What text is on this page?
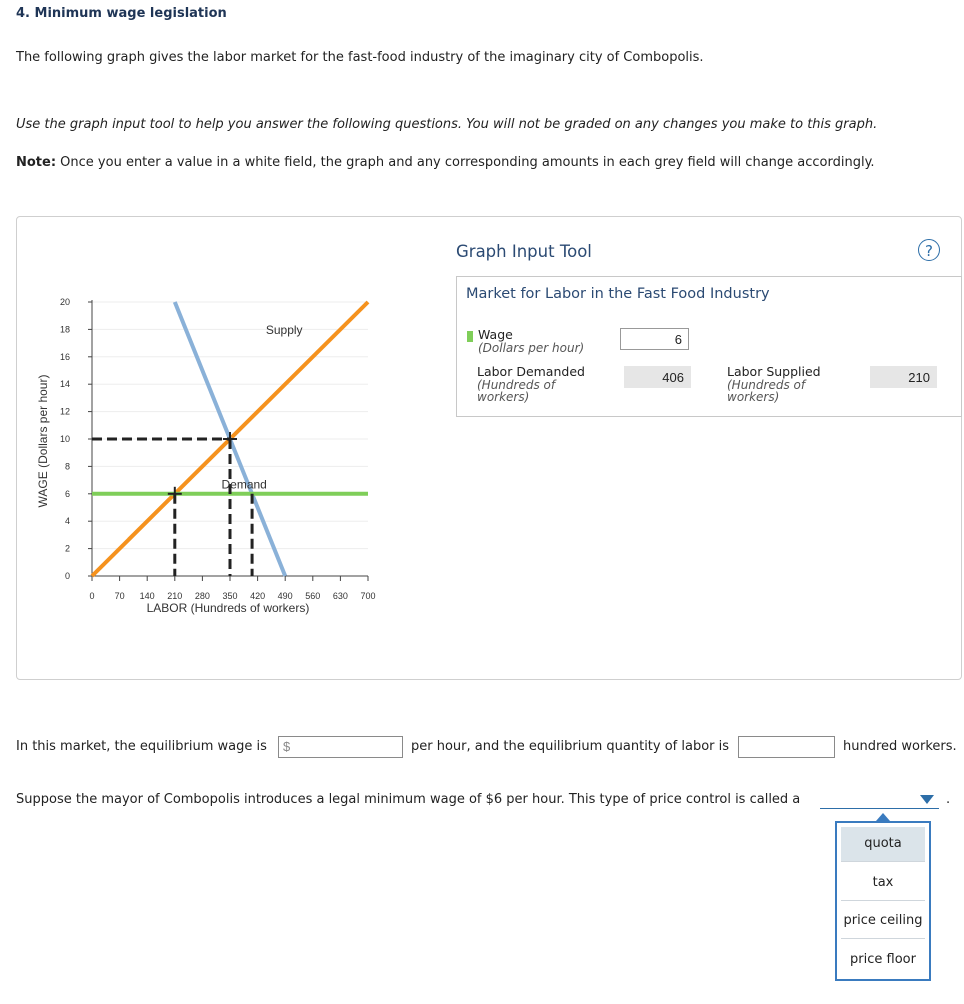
4. Minimum wage legislation
The following graph gives the labor market for the fast-food industry of the imaginary city of Combopolis.
Use the graph input tool to help you answer the following questions. You will not be graded on any changes you make to this graph.
Note: Once you enter a value in a white field, the graph and any corresponding amounts in each grey field will change accordingly.
0
2
4
6
8
10
12
14
16
18
20
0 70 140 210 280 350 420 490 560 630 700
LABOR (Hundreds of workers)
WAGE (Dollars per hour)
Supply
Demand
Graph Input Tool	?
Market for Labor in the Fast Food Industry
Wage
(Dollars per hour)
6
Labor Demanded
(Hundreds of
workers)
406	Labor Supplied
(Hundreds of
workers)
210
In this market, the equilibrium wage is $	per hour, and the equilibrium quantity of labor is	hundred workers.
Suppose the mayor of Combopolis introduces a legal minimum wage of $6 per hour. This type of price control is called a	.
quota
tax
price ceiling
price floor
